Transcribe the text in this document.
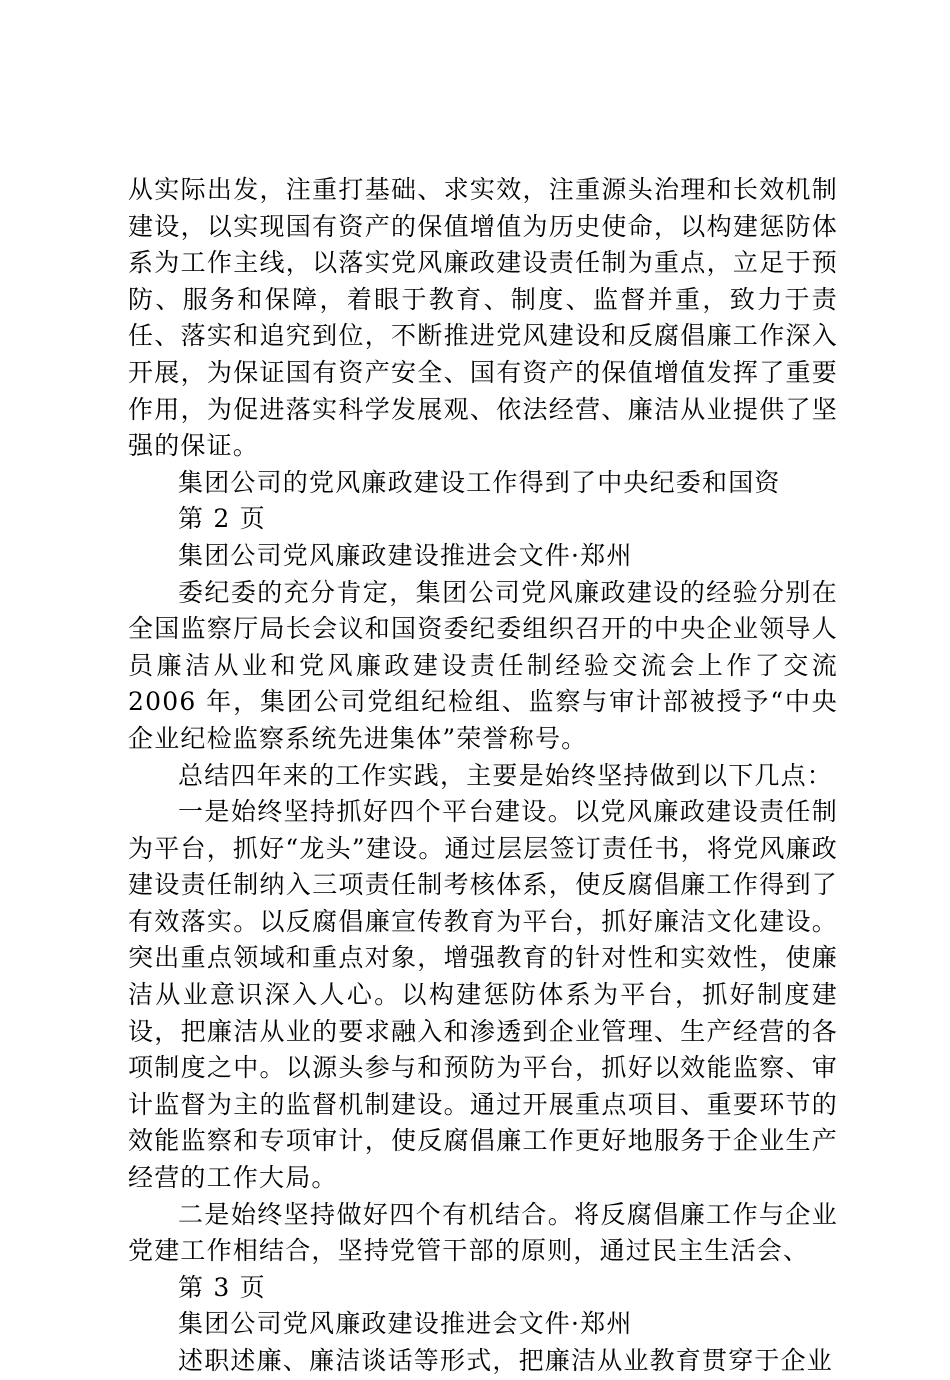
从实际出发，注重打基础、求实效，注重源头治理和长效机制建设，以实现国有资产的保值增值为历史使命，以构建惩防体系为工作主线，以落实党风廉政建设责任制为重点，立足于预防、服务和保障，着眼于教育、制度、监督并重，致力于责任、落实和追究到位，不断推进党风建设和反腐倡廉工作深入开展，为保证国有资产安全、国有资产的保值增值发挥了重要作用，为促进落实科学发展观、依法经营、廉洁从业提供了坚强的保证。

集团公司的党风廉政建设工作得到了中央纪委和国资

第 2 页

集团公司党风廉政建设推进会文件·郑州

委纪委的充分肯定，集团公司党风廉政建设的经验分别在全国监察厅局长会议和国资委纪委组织召开的中央企业领导人员廉洁从业和党风廉政建设责任制经验交流会上作了交流2006 年，集团公司党组纪检组、监察与审计部被授予“中央企业纪检监察系统先进集体”荣誉称号。

总结四年来的工作实践，主要是始终坚持做到以下几点：

一是始终坚持抓好四个平台建设。以党风廉政建设责任制为平台，抓好“龙头”建设。通过层层签订责任书，将党风廉政建设责任制纳入三项责任制考核体系，使反腐倡廉工作得到了有效落实。以反腐倡廉宣传教育为平台，抓好廉洁文化建设。突出重点领域和重点对象，增强教育的针对性和实效性，使廉洁从业意识深入人心。以构建惩防体系为平台，抓好制度建设，把廉洁从业的要求融入和渗透到企业管理、生产经营的各项制度之中。以源头参与和预防为平台，抓好以效能监察、审计监督为主的监督机制建设。通过开展重点项目、重要环节的效能监察和专项审计，使反腐倡廉工作更好地服务于企业生产经营的工作大局。

二是始终坚持做好四个有机结合。将反腐倡廉工作与企业党建工作相结合，坚持党管干部的原则，通过民主生活会、

第 3 页

集团公司党风廉政建设推进会文件·郑州

述职述廉、廉洁谈话等形式，把廉洁从业教育贯穿于企业
